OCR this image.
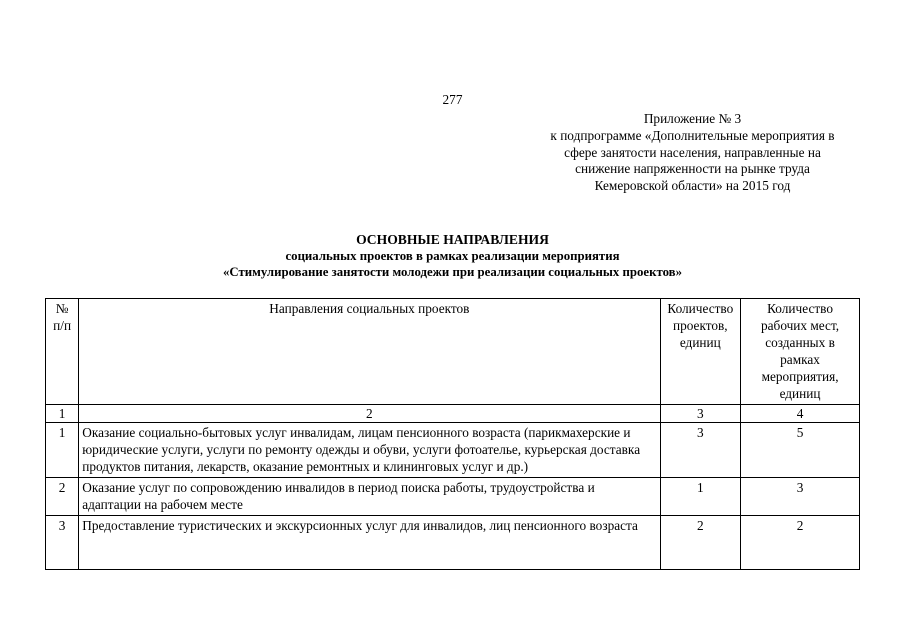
277
Приложение № 3
к подпрограмме «Дополнительные мероприятия в
сфере занятости населения, направленные на
снижение напряженности на рынке труда
Кемеровской области» на 2015 год
ОСНОВНЫЕ НАПРАВЛЕНИЯ
социальных проектов в рамках реализации мероприятия
«Стимулирование занятости молодежи при реализации социальных проектов»
№ п/п	Направления социальных проектов	Количество проектов, единиц	Количество рабочих мест, созданных в рамках мероприятия, единиц
1	2	3	4
1	Оказание социально-бытовых услуг инвалидам, лицам пенсионного возраста (парикмахерские и юридические услуги, услуги по ремонту одежды и обуви, услуги фотоателье, курьерская доставка продуктов питания, лекарств, оказание ремонтных и клининговых услуг и др.)	3	5
2	Оказание услуг по сопровождению инвалидов в период поиска работы, трудоустройства и адаптации на рабочем месте	1	3
3	Предоставление туристических и экскурсионных услуг для инвалидов, лиц пенсионного возраста	2	2
